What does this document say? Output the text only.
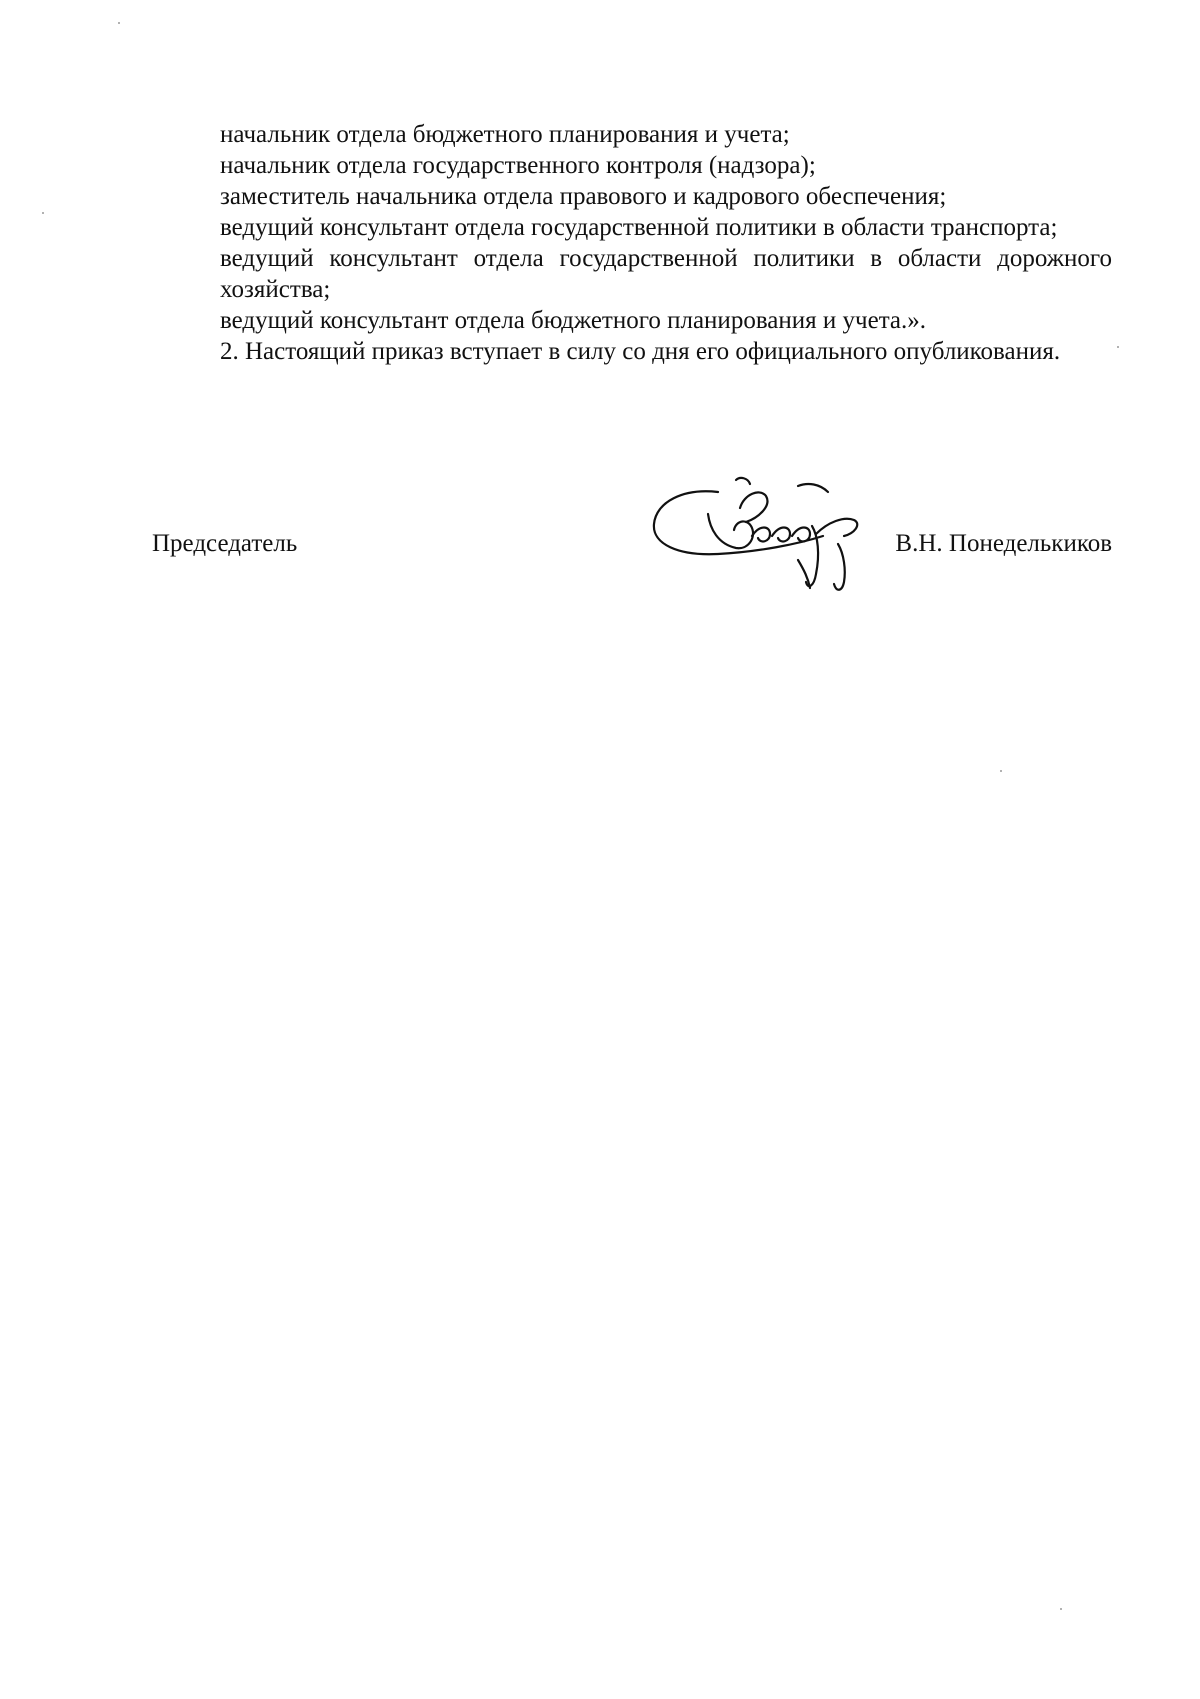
начальник отдела бюджетного планирования и учета;

начальник отдела государственного контроля (надзора);

заместитель начальника отдела правового и кадрового обеспечения;

ведущий консультант отдела государственной политики в области транспорта;

ведущий консультант отдела государственной политики в области дорожного хозяйства;

ведущий консультант отдела бюджетного планирования и учета.».

2. Настоящий приказ вступает в силу со дня его официального опубликования.

Председатель	В.Н. Понеделькиков
